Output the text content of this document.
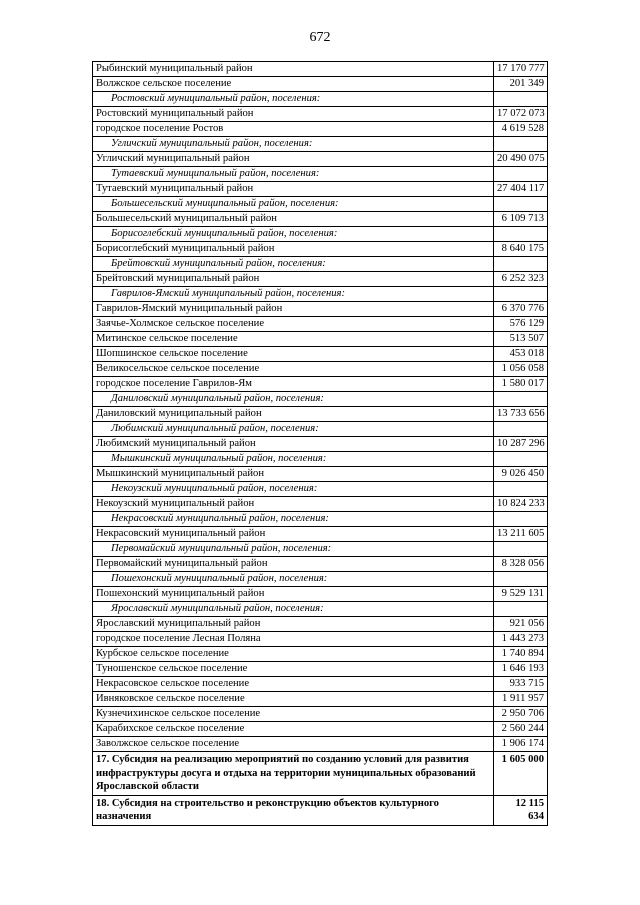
672
Рыбинский муниципальный район	17 170 777
Волжское сельское поселение	201 349
Ростовский муниципальный район, поселения:	
Ростовский муниципальный район	17 072 073
городское поселение Ростов	4 619 528
Угличский муниципальный район, поселения:	
Угличский муниципальный район	20 490 075
Тутаевский муниципальный район, поселения:	
Тутаевский муниципальный район	27 404 117
Большесельский муниципальный район, поселения:	
Большесельский муниципальный район	6 109 713
Борисоглебский муниципальный район, поселения:	
Борисоглебский муниципальный район	8 640 175
Брейтовский муниципальный район, поселения:	
Брейтовский муниципальный район	6 252 323
Гаврилов-Ямский муниципальный район, поселения:	
Гаврилов-Ямский муниципальный район	6 370 776
Заячье-Холмское сельское поселение	576 129
Митинское сельское поселение	513 507
Шопшинское сельское поселение	453 018
Великосельское сельское поселение	1 056 058
городское поселение Гаврилов-Ям	1 580 017
Даниловский муниципальный район, поселения:	
Даниловский муниципальный район	13 733 656
Любимский муниципальный район, поселения:	
Любимский муниципальный район	10 287 296
Мышкинский муниципальный район, поселения:	
Мышкинский муниципальный район	9 026 450
Некоузский муниципальный район, поселения:	
Некоузский муниципальный район	10 824 233
Некрасовский муниципальный район, поселения:	
Некрасовский муниципальный район	13 211 605
Первомайский муниципальный район, поселения:	
Первомайский муниципальный район	8 328 056
Пошехонский муниципальный район, поселения:	
Пошехонский муниципальный район	9 529 131
Ярославский муниципальный район, поселения:	
Ярославский муниципальный район	921 056
городское поселение Лесная Поляна	1 443 273
Курбское сельское поселение	1 740 894
Туношенское сельское поселение	1 646 193
Некрасовское сельское поселение	933 715
Ивняковское сельское поселение	1 911 957
Кузнечихинское сельское поселение	2 950 706
Карабихское сельское поселение	2 560 244
Заволжское сельское поселение	1 906 174
17. Субсидия на реализацию мероприятий по созданию условий для развития инфраструктуры досуга и отдыха на территории муниципальных образований Ярославской области	1 605 000
18. Субсидия на строительство и реконструкцию объектов культурного назначения	12 115 634
